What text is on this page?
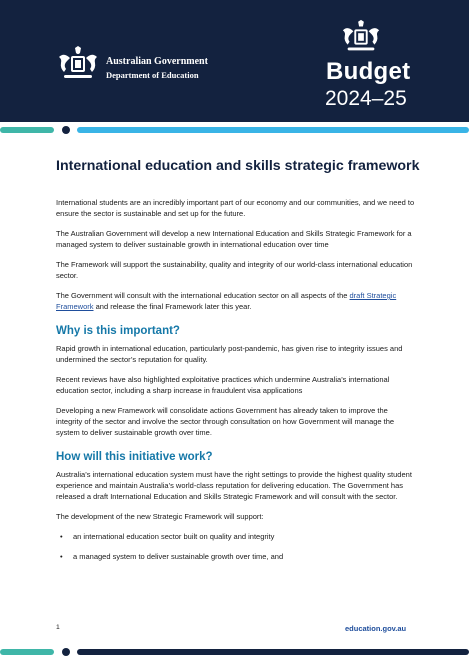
Australian Government
Department of Education	Budget
2024–25
International education and skills strategic framework

International students are an incredibly important part of our economy and our communities, and we need to ensure the sector is sustainable and set up for the future.

The Australian Government will develop a new International Education and Skills Strategic Framework for a managed system to deliver sustainable growth in international education over time

The Framework will support the sustainability, quality and integrity of our world-class international education sector.

The Government will consult with the international education sector on all aspects of the draft Strategic Framework and release the final Framework later this year.

Why is this important?

Rapid growth in international education, particularly post-pandemic, has given rise to integrity issues and undermined the sector’s reputation for quality.

Recent reviews have also highlighted exploitative practices which undermine Australia’s international education sector, including a sharp increase in fraudulent visa applications

Developing a new Framework will consolidate actions Government has already taken to improve the integrity of the sector and involve the sector through consultation on how Government will manage the system to deliver sustainable growth over time.

How will this initiative work?

Australia’s international education system must have the right settings to provide the highest quality student experience and maintain Australia’s world-class reputation for delivering education. The Government has released a draft International Education and Skills Strategic Framework and will consult with the sector.

The development of the new Strategic Framework will support:

• an international education sector built on quality and integrity
• a managed system to deliver sustainable growth over time, and
1	education.gov.au
